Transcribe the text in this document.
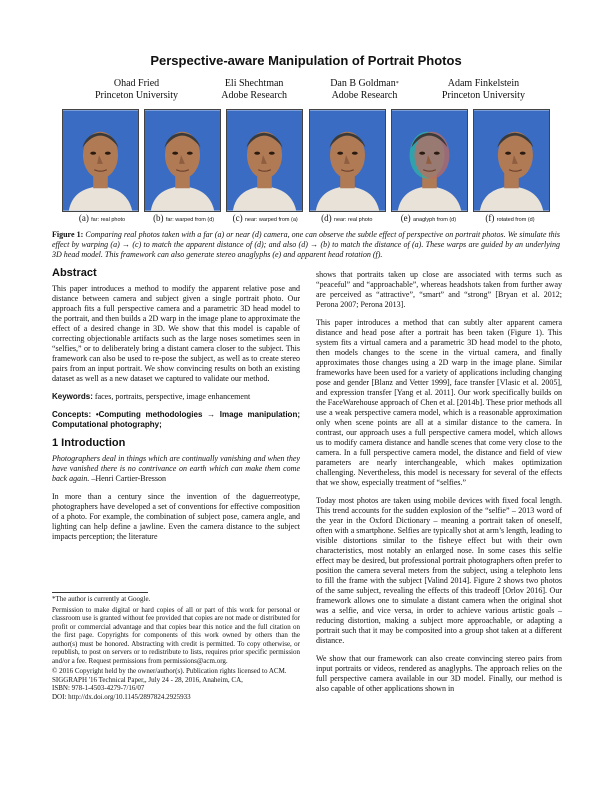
Perspective-aware Manipulation of Portrait Photos
Ohad Fried
Princeton University
Eli Shechtman
Adobe Research
Dan B Goldman*
Adobe Research
Adam Finkelstein
Princeton University
(a) far: real photo	(b) far: warped from (d)	(c) near: warped from (a)	(d) near: real photo	(e) anaglyph from (d)	(f) rotated from (d)
Figure 1: Comparing real photos taken with a far (a) or near (d) camera, one can observe the subtle effect of perspective on portrait photos. We simulate this effect by warping (a) → (c) to match the apparent distance of (d); and also (d) → (b) to match the distance of (a). These warps are guided by an underlying 3D head model. This framework can also generate stereo anaglyphs (e) and apparent head rotation (f).
Abstract

This paper introduces a method to modify the apparent relative pose and distance between camera and subject given a single portrait photo. Our approach fits a full perspective camera and a parametric 3D head model to the portrait, and then builds a 2D warp in the image plane to approximate the effect of a desired change in 3D. We show that this model is capable of correcting objectionable artifacts such as the large noses sometimes seen in “selfies,” or to deliberately bring a distant camera closer to the subject. This framework can also be used to re-pose the subject, as well as to create stereo pairs from an input portrait. We show convincing results on both an existing dataset as well as a new dataset we captured to validate our method.

Keywords: faces, portraits, perspective, image enhancement

Concepts: •Computing methodologies → Image manipulation; Computational photography;

1 Introduction

Photographers deal in things which are continually vanishing and when they have vanished there is no contrivance on earth which can make them come back again. –Henri Cartier-Bresson

In more than a century since the invention of the daguerreotype, photographers have developed a set of conventions for effective composition of a photo. For example, the combination of subject pose, camera angle, and lighting can help define a jawline. Even the camera distance to the subject impacts perception; the literature

*The author is currently at Google.

Permission to make digital or hard copies of all or part of this work for personal or classroom use is granted without fee provided that copies are not made or distributed for profit or commercial advantage and that copies bear this notice and the full citation on the first page. Copyrights for components of this work owned by others than the author(s) must be honored. Abstracting with credit is permitted. To copy otherwise, or republish, to post on servers or to redistribute to lists, requires prior specific permission and/or a fee. Request permissions from permissions@acm.org.

© 2016 Copyright held by the owner/author(s). Publication rights licensed to ACM.

SIGGRAPH '16 Technical Paper,, July 24 - 28, 2016, Anaheim, CA,

ISBN: 978-1-4503-4279-7/16/07

DOI: http://dx.doi.org/10.1145/2897824.2925933

shows that portraits taken up close are associated with terms such as “peaceful” and “approachable”, whereas headshots taken from further away are perceived as “attractive”, “smart” and “strong” [Bryan et al. 2012; Perona 2007; Perona 2013].

This paper introduces a method that can subtly alter apparent camera distance and head pose after a portrait has been taken (Figure 1). This system fits a virtual camera and a parametric 3D head model to the photo, then models changes to the scene in the virtual camera, and finally approximates those changes using a 2D warp in the image plane. Similar frameworks have been used for a variety of applications including changing pose and gender [Blanz and Vetter 1999], face transfer [Vlasic et al. 2005], and expression transfer [Yang et al. 2011]. Our work specifically builds on the FaceWarehouse approach of Chen et al. [2014b]. These prior methods all use a weak perspective camera model, which is a reasonable approximation only when scene points are all at a similar distance to the camera. In contrast, our approach uses a full perspective camera model, which allows us to modify camera distance and handle scenes that come very close to the camera. In a full perspective camera model, the distance and field of view parameters are nearly interchangeable, which makes optimization challenging. Nevertheless, this model is necessary for several of the effects that we show, especially treatment of “selfies.”

Today most photos are taken using mobile devices with fixed focal length. This trend accounts for the sudden explosion of the “selfie” – 2013 word of the year in the Oxford Dictionary – meaning a portrait taken of oneself, often with a smartphone. Selfies are typically shot at arm’s length, leading to visible distortions similar to the fisheye effect but with their own characteristics, most notably an enlarged nose. In some cases this selfie effect may be desired, but professional portrait photographers often prefer to position the camera several meters from the subject, using a telephoto lens to fill the frame with the subject [Valind 2014]. Figure 2 shows two photos of the same subject, revealing the effects of this tradeoff [Orlov 2016]. Our framework allows one to simulate a distant camera when the original shot was a selfie, and vice versa, in order to achieve various artistic goals – reducing distortion, making a subject more approachable, or adapting a portrait such that it may be composited into a group shot taken at a different distance.

We show that our framework can also create convincing stereo pairs from input portraits or videos, rendered as anaglyphs. The approach relies on the full perspective camera available in our 3D model. Finally, our method is also capable of other applications shown in
